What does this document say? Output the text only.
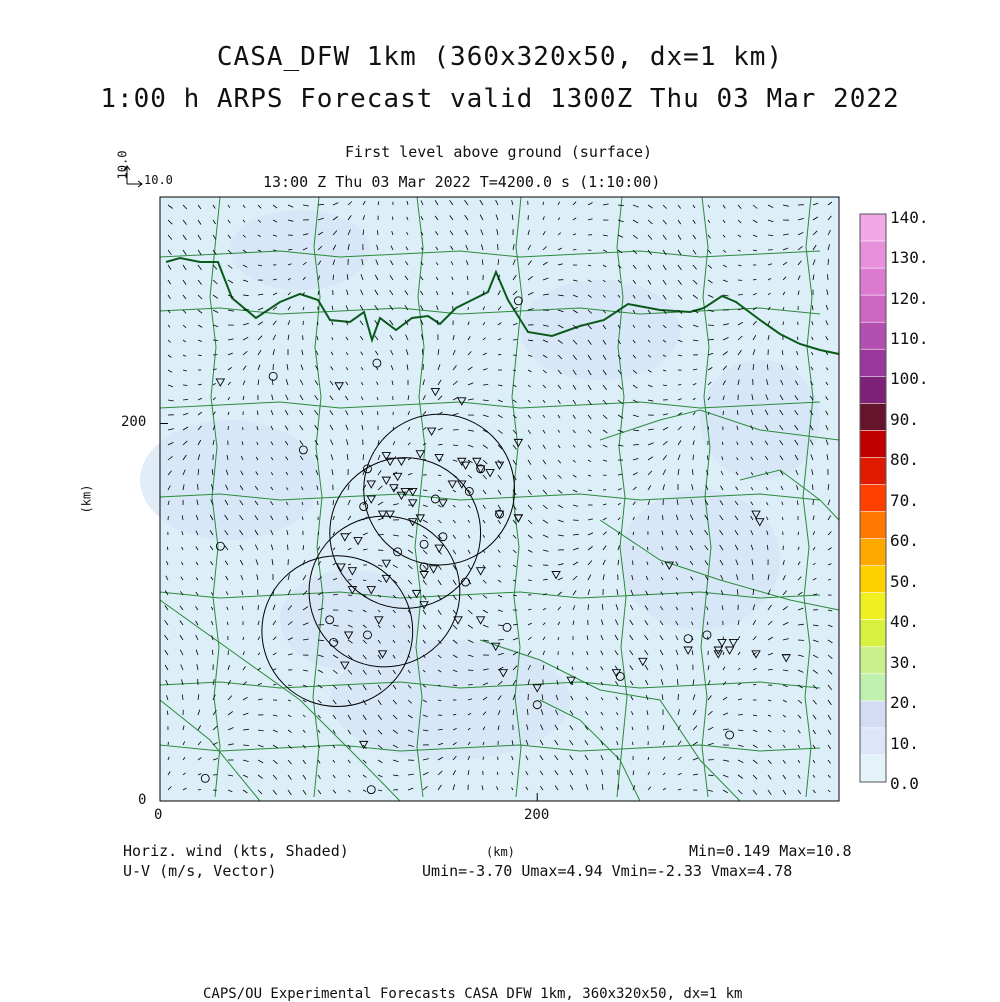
CASA_DFW 1km (360x320x50, dx=1 km)
1:00 h ARPS Forecast valid 1300Z Thu 03 Mar 2022
First level above ground (surface)
13:00 Z Thu 03 Mar 2022 T=4200.0 s (1:10:00)
10.0
10.0
200
0
0	200
(km)
140.
130.
120.
110.
100.
90.
80.
70.
60.
50.
40.
30.
20.
10.
0.0
Horiz. wind (kts, Shaded)
U-V (m/s, Vector)
(km)	Min=0.149 Max=10.8
Umin=-3.70 Umax=4.94 Vmin=-2.33 Vmax=4.78
CAPS/OU Experimental Forecasts CASA DFW 1km, 360x320x50, dx=1 km
